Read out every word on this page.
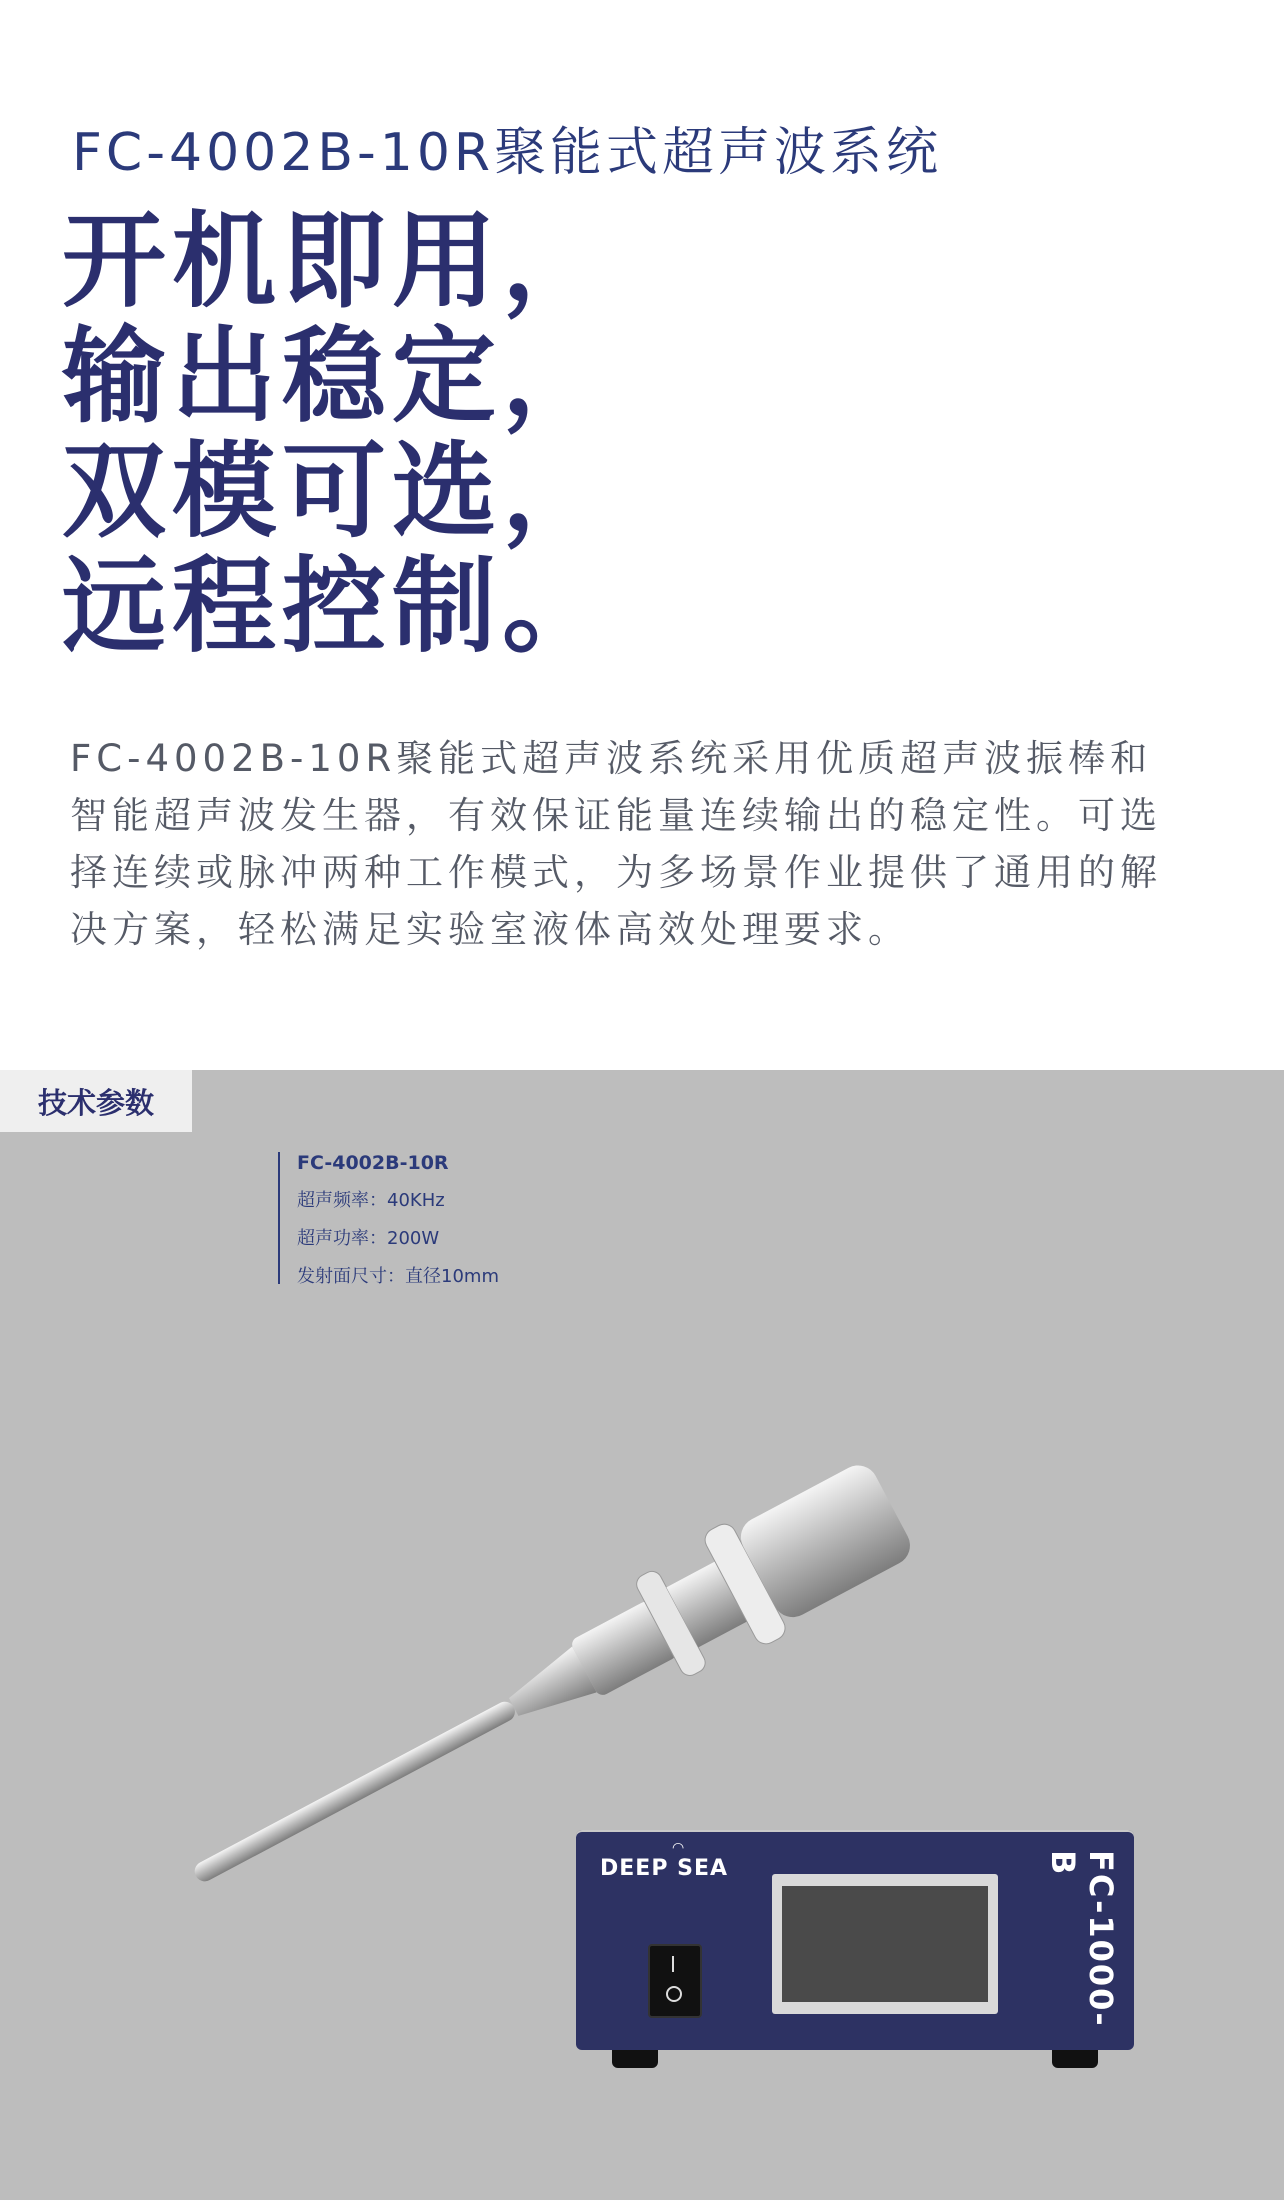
FC-4002B-10R聚能式超声波系统
开机即用，
输出稳定，
双模可选，
远程控制。
FC-4002B-10R聚能式超声波系统采用优质超声波振棒和智能超声波发生器，有效保证能量连续输出的稳定性。可选择连续或脉冲两种工作模式，为多场景作业提供了通用的解决方案，轻松满足实验室液体高效处理要求。
技术参数
FC-4002B-10R
超声频率：40KHz
超声功率：200W
发射面尺寸：直径10mm
◠
DEEP SEA	FC-1000-B
